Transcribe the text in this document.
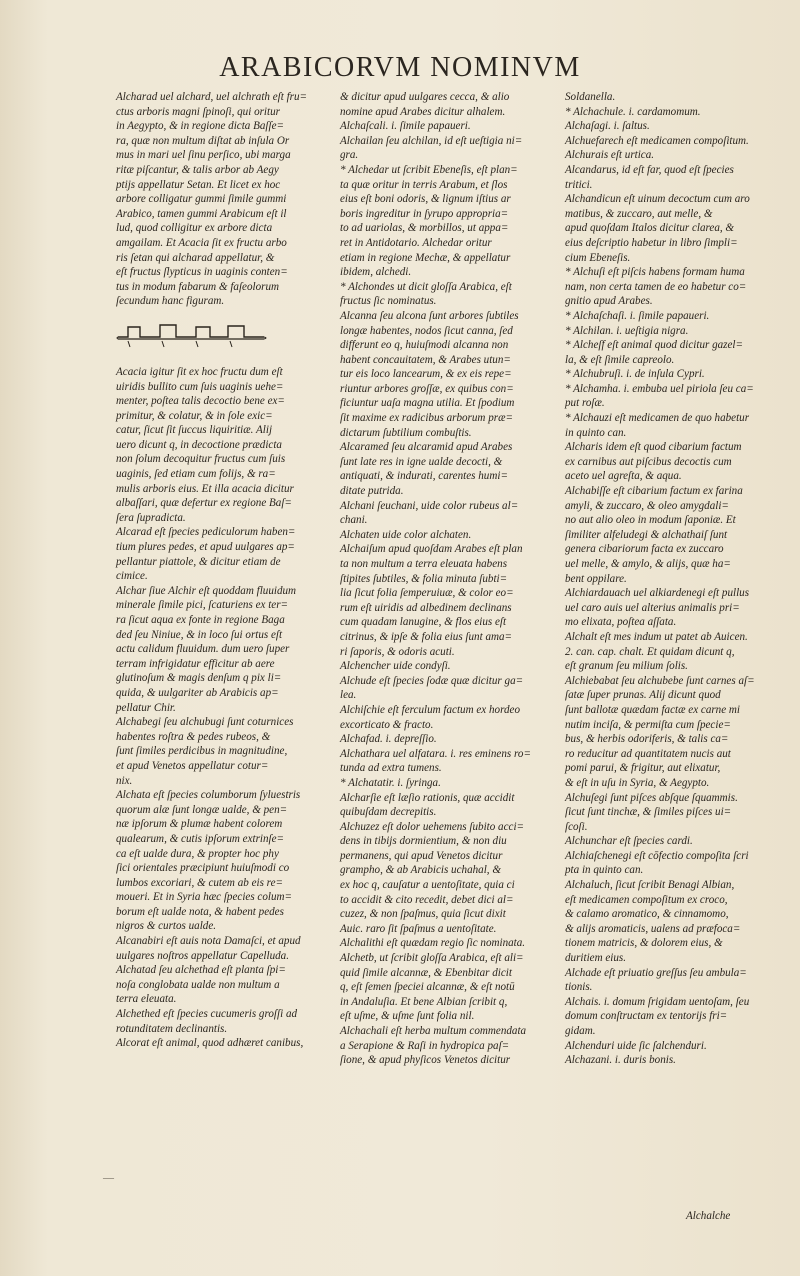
ARABICORVM NOMINVM
Alcharad uel alchard, uel alchrath eſt fru=
ctus arboris magni ſpinoſi, qui oritur
in Aegypto, & in regione dicta Baſſe=
ra, quæ non multum diſtat ab inſula Or
mus in mari uel ſinu perſico, ubi marga
ritæ piſcantur, & talis arbor ab Aegy
ptijs appellatur Setan. Et licet ex hoc
arbore colligatur gummi ſimile gummi
Arabico, tamen gummi Arabicum eſt il
lud, quod colligitur ex arbore dicta
amgailam. Et Acacia ſit ex fructu arbo
ris ſetan qui alcharad appellatur, &
eſt fructus ſlypticus in uaginis conten=
tus in modum fabarum & faſeolorum
ſecundum hanc figuram.
Acacia igitur ſit ex hoc fructu dum eſt
uiridis bullito cum ſuis uaginis uehe=
menter, poſtea talis decoctio bene ex=
primitur, & colatur, & in ſole exic=
catur, ſicut ſit ſuccus liquiritiæ. Alij
uero dicunt q, in decoctione prædicta
non ſolum decoquitur fructus cum ſuis
uaginis, ſed etiam cum folijs, & ra=
mulis arboris eius. Et illa acacia dicitur
albaſſari, quæ defertur ex regione Baſ=
ſera ſupradicta.
Alcarad eſt ſpecies pediculorum haben=
tium plures pedes, et apud uulgares ap=
pellantur piattole, & dicitur etiam de
cimice.
Alchar ſiue Alchir eſt quoddam fluuidum
minerale ſimile pici, ſcaturiens ex ter=
ra ſicut aqua ex fonte in regione Baga
ded ſeu Niniue, & in loco ſui ortus eſt
actu calidum fluuidum. dum uero ſuper
terram infrigidatur efficitur ab aere
glutinoſum & magis denſum q pix li=
quida, & uulgariter ab Arabicis ap=
pellatur Chir.
Alchabegi ſeu alchubugi ſunt coturnices
habentes roſtra & pedes rubeos, &
ſunt ſimiles perdicibus in magnitudine,
et apud Venetos appellatur cotur=
nix.
Alchata eſt ſpecies columborum ſyluestris
quorum alæ ſunt longæ ualde, & pen=
næ ipſorum & plumæ habent colorem
qualearum, & cutis ipſorum extrinſe=
ca eſt ualde dura, & propter hoc phy
ſici orientales præcipiunt huiuſmodi co
lumbos excoriari, & cutem ab eis re=
moueri. Et in Syria hæc ſpecies colum=
borum eſt ualde nota, & habent pedes
nigros & curtos ualde.
Alcanabiri eſt auis nota Damaſci, et apud
uulgares noſtros appellatur Capelluda.
Alchatad ſeu alchethad eſt planta ſpi=
noſa conglobata ualde non multum a
terra eleuata.
Alchethed eſt ſpecies cucumeris groſſi ad
rotunditatem declinantis.
Alcorat eſt animal, quod adhæret canibus,
& dicitur apud uulgares cecca, & alio
nomine apud Arabes dicitur alhalem.
Alchaſcali. i. ſimile papaueri.
Alchailan ſeu alchilan, id eſt ueſtigia ni=
gra.
* Alchedar ut ſcribit Ebeneſis, eſt plan=
ta quæ oritur in terris Arabum, et ſlos
eius eſt boni odoris, & lignum iſtius ar
boris ingreditur in ſyrupo appropria=
to ad uariolas, & morbillos, ut appa=
ret in Antidotario. Alchedar oritur
etiam in regione Mechæ, & appellatur
ibidem, alchedi.
* Alchondes ut dicit gloſſa Arabica, eſt
fructus ſic nominatus.
Alcanna ſeu alcona ſunt arbores ſubtiles
longæ habentes, nodos ſicut canna, ſed
differunt eo q, huiuſmodi alcanna non
habent concauitatem, & Arabes utun=
tur eis loco lancearum, & ex eis repe=
riuntur arbores groſſæ, ex quibus con=
ficiuntur uaſa magna utilia. Et ſpodium
ſit maxime ex radicibus arborum præ=
dictarum ſubtilium combuſtis.
Alcaramed ſeu alcaramid apud Arabes
ſunt late res in igne ualde decocti, &
antiquati, & indurati, carentes humi=
ditate putrida.
Alchani ſeuchani, uide color rubeus al=
chani.
Alchaten uide color alchaten.
Alchaiſum apud quoſdam Arabes eſt plan
ta non multum a terra eleuata habens
ſtipites ſubtiles, & folia minuta ſubti=
lia ſicut folia ſemperuiuæ, & color eo=
rum eſt uiridis ad albedinem declinans
cum quadam lanugine, & flos eius eſt
citrinus, & ipſe & folia eius ſunt ama=
ri ſaporis, & odoris acuti.
Alchencher uide condyſi.
Alchude eſt ſpecies ſodæ quæ dicitur ga=
lea.
Alchiſchie eſt ferculum factum ex hordeo
excorticato & fracto.
Alchafad. i. depreſſio.
Alchathara uel alfatara. i. res eminens ro=
tunda ad extra tumens.
* Alchatatir. i. ſyringa.
Alcharſie eſt læſio rationis, quæ accidit
quibuſdam decrepitis.
Alchuzez eſt dolor uehemens ſubito acci=
dens in tibijs dormientium, & non diu
permanens, qui apud Venetos dicitur
grampho, & ab Arabicis uchahal, &
ex hoc q, cauſatur a uentoſitate, quia ci
to accidit & cito recedit, debet dici al=
cuzez, & non ſpaſmus, quia ſicut dixit
Auic. raro ſit ſpaſmus a uentoſitate.
Alchalithi eſt quædam regio ſic nominata.
Alchetb, ut ſcribit gloſſa Arabica, eſt ali=
quid ſimile alcannæ, & Ebenbitar dicit
q, eſt ſemen ſpeciei alcannæ, & eſt notū
in Andaluſia. Et bene Albian ſcribit q,
eſt uſme, & uſme ſunt folia nil.
Alchachali eſt herba multum commendata
a Serapione & Raſi in hydropica paſ=
ſione, & apud phyſicos Venetos dicitur
Soldanella.
* Alchachule. i. cardamomum.
Alchaſagi. i. ſaltus.
Alchuefarech eſt medicamen compoſitum.
Alchurais eſt urtica.
Alcandarus, id eſt far, quod eſt ſpecies
tritici.
Alchandicun eſt uinum decoctum cum aro
matibus, & zuccaro, aut melle, &
apud quoſdam Italos dicitur clarea, &
eius deſcriptio habetur in libro ſimpli=
cium Ebeneſis.
* Alchuſi eſt piſcis habens formam huma
nam, non certa tamen de eo habetur co=
gnitio apud Arabes.
* Alchaſchaſi. i. ſimile papaueri.
* Alchilan. i. ueſtigia nigra.
* Alcheſf eſt animal quod dicitur gazel=
la, & eſt ſimile capreolo.
* Alchubruſi. i. de inſula Cypri.
* Alchamha. i. embuba uel piriola ſeu ca=
put roſæ.
* Alchauzi eſt medicamen de quo habetur
in quinto can.
Alcharis idem eſt quod cibarium factum
ex carnibus aut piſcibus decoctis cum
aceto uel agreſta, & aqua.
Alchabiſſe eſt cibarium factum ex farina
amyli, & zuccaro, & oleo amygdali=
no aut alio oleo in modum ſaponiæ. Et
ſimiliter alfeludegi & alchathaiſ ſunt
genera cibariorum facta ex zuccaro
uel melle, & amylo, & alijs, quæ ha=
bent oppilare.
Alchiardauach uel alkiardenegi eſt pullus
uel caro auis uel alterius animalis pri=
mo elixata, poſtea aſſata.
Alchalt eſt mes indum ut patet ab Auicen.
2. can. cap. chalt. Et quidam dicunt q,
eſt granum ſeu milium ſolis.
Alchiebabat ſeu alchubebe ſunt carnes aſ=
ſatæ ſuper prunas. Alij dicunt quod
ſunt ballotæ quædam factæ ex carne mi
nutim inciſa, & permiſta cum ſpecie=
bus, & herbis odoriferis, & talis ca=
ro reducitur ad quantitatem nucis aut
pomi parui, & frigitur, aut elixatur,
& eſt in uſu in Syria, & Aegypto.
Alchuſegi ſunt piſces abſque ſquammis.
ſicut ſunt tinchæ, & ſimiles piſces ui=
ſcoſi.
Alchunchar eſt ſpecies cardi.
Alchiaſchenegi eſt cōfectio compoſita ſcri
pta in quinto can.
Alchaluch, ſicut ſcribit Benagi Albian,
eſt medicamen compoſitum ex croco,
& calamo aromatico, & cinnamomo,
& alijs aromaticis, ualens ad præfoca=
tionem matricis, & dolorem eius, &
duritiem eius.
Alchade eſt priuatio greſſus ſeu ambula=
tionis.
Alchais. i. domum ſrigidam uentoſam, ſeu
domum conſtructam ex tentorijs fri=
gidam.
Alchenduri uide ſic ſalchenduri.
Alchazani. i. duris bonis.
Alchalche
—
